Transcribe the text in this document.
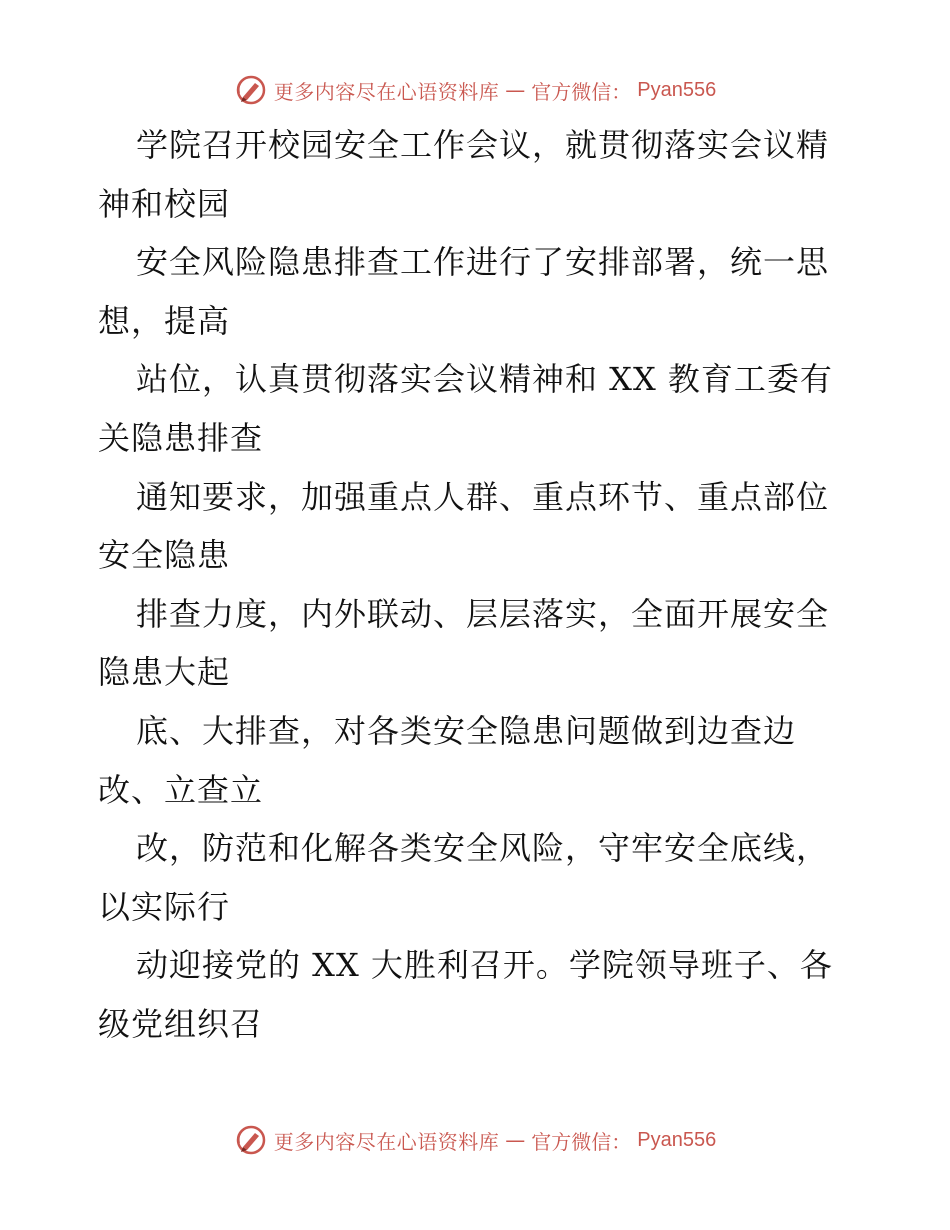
更多内容尽在心语资料库 — 官方微信： Pyan556
学院召开校园安全工作会议，就贯彻落实会议精
神和校园
安全风险隐患排查工作进行了安排部署，统一思
想，提高
站位，认真贯彻落实会议精神和 XX 教育工委有
关隐患排查
通知要求，加强重点人群、重点环节、重点部位
安全隐患
排查力度，内外联动、层层落实，全面开展安全
隐患大起
底、大排查，对各类安全隐患问题做到边查边
改、立查立
改，防范和化解各类安全风险，守牢安全底线，
以实际行
动迎接党的 XX 大胜利召开。学院领导班子、各
级党组织召
更多内容尽在心语资料库 — 官方微信： Pyan556
